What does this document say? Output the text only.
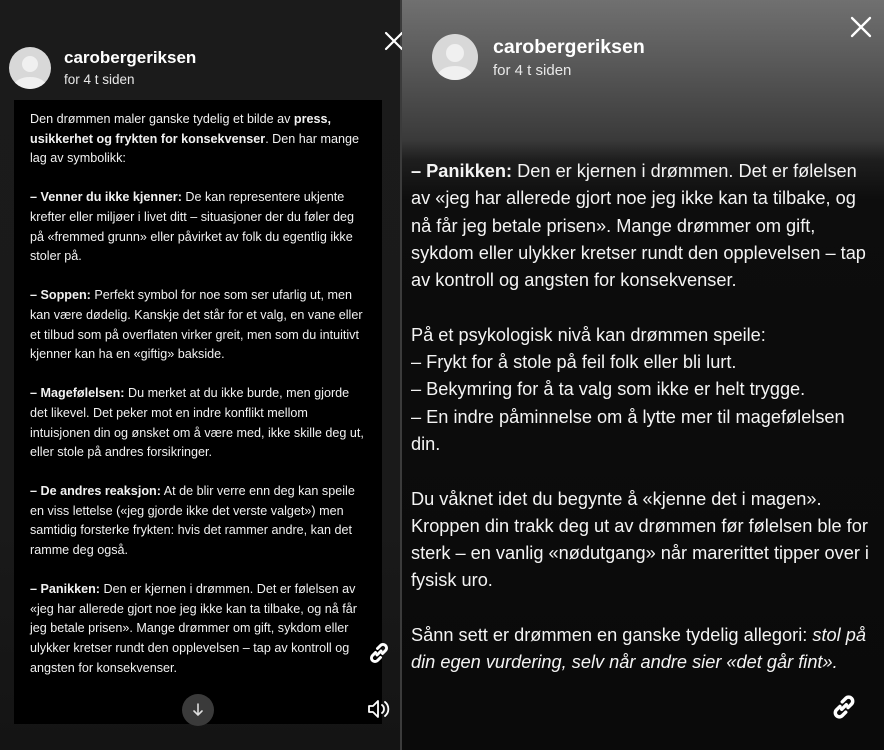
carobergeriksen
for 4 t siden

Den drømmen maler ganske tydelig et bilde av press, usikkerhet og frykten for konsekvenser. Den har mange lag av symbolikk:

– Venner du ikke kjenner: De kan representere ukjente krefter eller miljøer i livet ditt – situasjoner der du føler deg på «fremmed grunn» eller påvirket av folk du egentlig ikke stoler på.

– Soppen: Perfekt symbol for noe som ser ufarlig ut, men kan være dødelig. Kanskje det står for et valg, en vane eller et tilbud som på overflaten virker greit, men som du intuitivt kjenner kan ha en «giftig» bakside.

– Magefølelsen: Du merket at du ikke burde, men gjorde det likevel. Det peker mot en indre konflikt mellom intuisjonen din og ønsket om å være med, ikke skille deg ut, eller stole på andres forsikringer.

– De andres reaksjon: At de blir verre enn deg kan speile en viss lettelse («jeg gjorde ikke det verste valget») men samtidig forsterke frykten: hvis det rammer andre, kan det ramme deg også.

– Panikken: Den er kjernen i drømmen. Det er følelsen av «jeg har allerede gjort noe jeg ikke kan ta tilbake, og nå får jeg betale prisen». Mange drømmer om gift, sykdom eller ulykker kretser rundt den opplevelsen – tap av kontroll og angsten for konsekvenser.

carobergeriksen
for 4 t siden

– Panikken: Den er kjernen i drømmen. Det er følelsen av «jeg har allerede gjort noe jeg ikke kan ta tilbake, og nå får jeg betale prisen». Mange drømmer om gift, sykdom eller ulykker kretser rundt den opplevelsen – tap av kontroll og angsten for konsekvenser.

På et psykologisk nivå kan drømmen speile:
– Frykt for å stole på feil folk eller bli lurt.
– Bekymring for å ta valg som ikke er helt trygge.
– En indre påminnelse om å lytte mer til magefølelsen din.

Du våknet idet du begynte å «kjenne det i magen». Kroppen din trakk deg ut av drømmen før følelsen ble for sterk – en vanlig «nødutgang» når marerittet tipper over i fysisk uro.

Sånn sett er drømmen en ganske tydelig allegori: stol på din egen vurdering, selv når andre sier «det går fint».
